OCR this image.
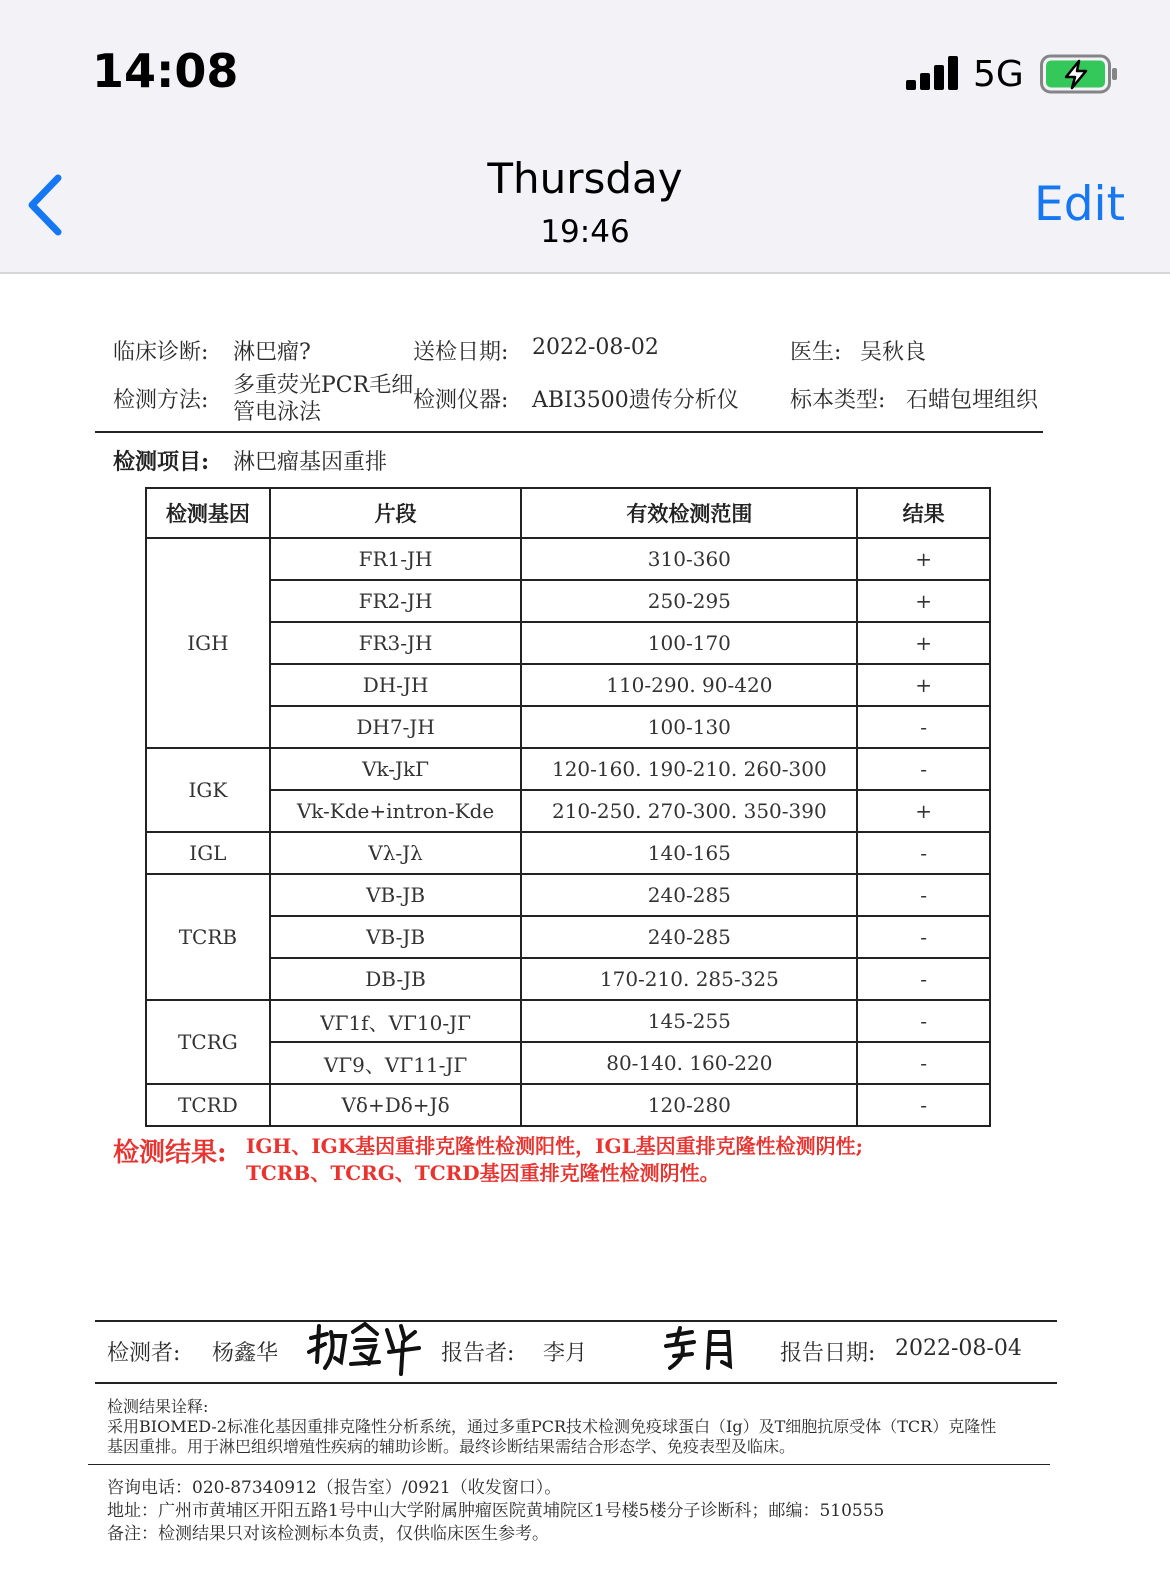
14:08	5G
Thursday
19:46	Edit
临床诊断: 淋巴瘤?	送检日期: 2022-08-02	医生: 吴秋良
检测方法:
多重荧光PCR毛细
管电泳法	检测仪器: ABI3500遗传分析仪 标本类型: 石蜡包埋组织
检测项目: 淋巴瘤基因重排
检测基因	片段	有效检测范围	结果
IGH	FR1-JH	310-360	+
	FR2-JH	250-295	+
	FR3-JH	100-170	+
	DH-JH	110-290. 90-420	+
	DH7-JH	100-130	-
IGK	Vk-JkΓ	120-160. 190-210. 260-300	-
	Vk-Kde+intron-Kde	210-250. 270-300. 350-390	+
IGL	Vλ-Jλ	140-165	-
TCRB	VB-JB	240-285	-
	VB-JB	240-285	-
	DB-JB	170-210. 285-325	-
TCRG	VΓ1f、VΓ10-JΓ	145-255	-
	VΓ9、VΓ11-JΓ	80-140. 160-220	-
TCRD	Vδ+Dδ+Jδ	120-280	-
检测结果: IGH、IGK基因重排克隆性检测阳性，IGL基因重排克隆性检测阴性;
TCRB、TCRG、TCRD基因重排克隆性检测阴性。
检测者: 杨鑫华	报告者: 李月	报告日期: 2022-08-04
检测结果诠释:
采用BIOMED-2标准化基因重排克隆性分析系统，通过多重PCR技术检测免疫球蛋白（Ig）及T细胞抗原受体（TCR）克隆性
基因重排。用于淋巴组织增殖性疾病的辅助诊断。最终诊断结果需结合形态学、免疫表型及临床。
咨询电话：020-87340912（报告室）/0921（收发窗口）。
地址：广州市黄埔区开阳五路1号中山大学附属肿瘤医院黄埔院区1号楼5楼分子诊断科；邮编：510555
备注：检测结果只对该检测标本负责，仅供临床医生参考。
